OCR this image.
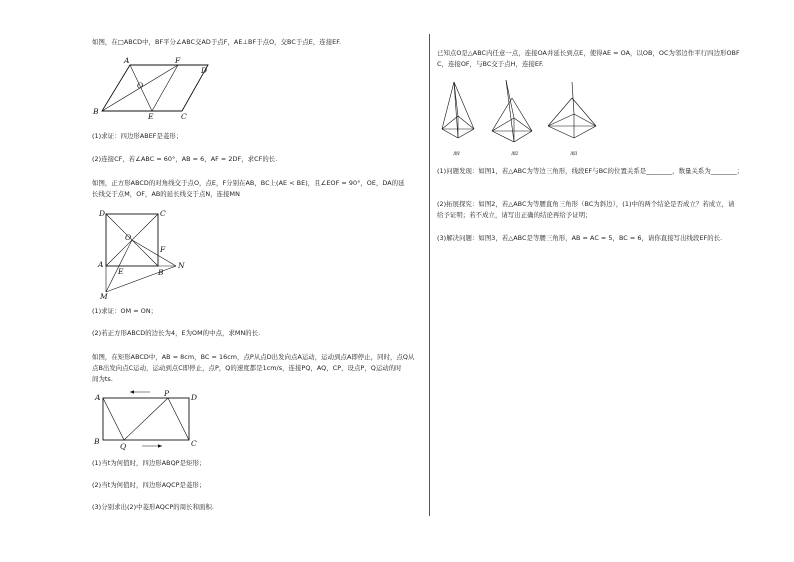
如图，在□ABCD中，BF平分∠ABC交AD于点F，AE⊥BF于点O，交BC于点E，连接EF.
A	F
D
O
B
E	C
(1)求证：四边形ABEF是菱形；
(2)连接CF，若∠ABC = 60°，AB = 6，AF = 2DF，求CF的长.
如图，正方形ABCD的对角线交于点O，点E，F分别在AB，BC上(AE < BE)，且∠EOF = 90°，OE，DA的延
长线交于点M，OF，AB的延长线交于点N，连接MN
D	C
O
F
A
E	B
N
M
(1)求证：OM = ON；
(2)若正方形ABCD的边长为4，E为OM的中点，求MN的长.
如图，在矩形ABCD中，AB = 8cm，BC = 16cm，点P从点D出发向点A运动，运动到点A即停止，同时，点Q从
点B出发向点C运动，运动到点C即停止，点P，Q的速度都是1cm/s，连接PQ，AQ，CP，设点P，Q运动的时
间为ts.
A	P	D
B
Q	C
(1)当t为何值时，四边形ABQP是矩形；
(2)当t为何值时，四边形AQCP是菱形；
(3)分别求出(2)中菱形AQCP的周长和面积.
已知点O是△ABC内任意一点，连接OA并延长到点E，使得AE = OA，以OB，OC为邻边作平行四边形OBF
C，连接OF，与BC交于点H，连接EF.
图1	图2	图3
(1)问题发现：如图1，若△ABC为等边三角形，线段EF与BC的位置关系是________，数量关系为________；
(2)拓展探究：如图2，若△ABC为等腰直角三角形（BC为斜边），(1)中的两个结论是否成立？若成立，请
给予证明；若不成立，请写出正确的结论再给予证明；
(3)解决问题：如图3，若△ABC是等腰三角形，AB = AC = 5，BC = 6，请你直接写出线段EF的长.
